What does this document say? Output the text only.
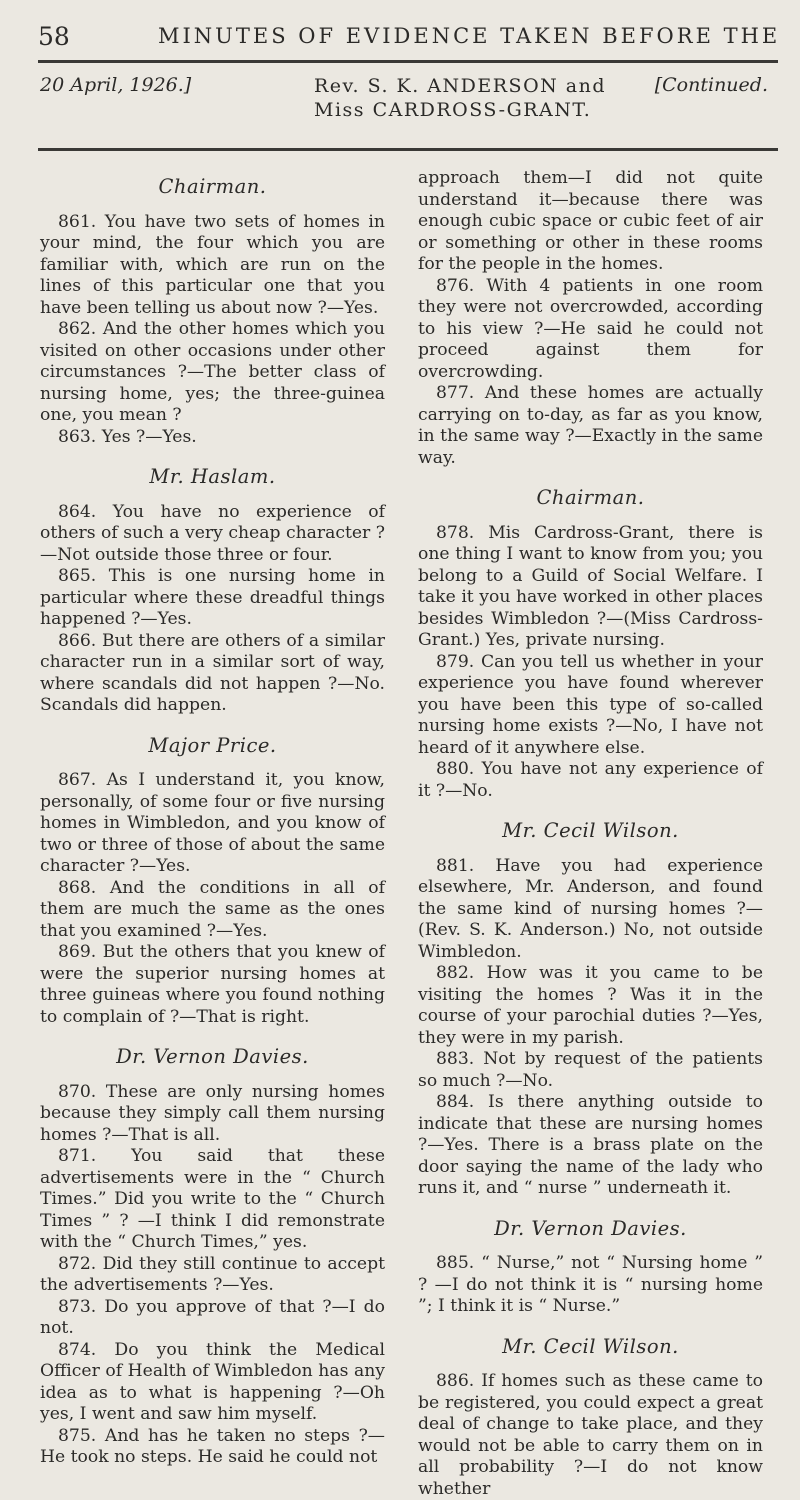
58	MINUTES OF EVIDENCE TAKEN BEFORE THE
20 April, 1926.]	Rev. S. K. ANDERSON and
Miss CARDROSS-GRANT.
[Continued.
Chairman.

861. You have two sets of homes in your mind, the four which you are familiar with, which are run on the lines of this particular one that you have been telling us about now ?—Yes.

862. And the other homes which you visited on other occasions under other circumstances ?—The better class of nursing home, yes; the three-guinea one, you mean ?

863. Yes ?—Yes.

Mr. Haslam.

864. You have no experience of others of such a very cheap character ?—Not outside those three or four.

865. This is one nursing home in particular where these dreadful things happened ?—Yes.

866. But there are others of a similar character run in a similar sort of way, where scandals did not happen ?—No. Scandals did happen.

Major Price.

867. As I understand it, you know, personally, of some four or five nursing homes in Wimbledon, and you know of two or three of those of about the same character ?—Yes.

868. And the conditions in all of them are much the same as the ones that you examined ?—Yes.

869. But the others that you knew of were the superior nursing homes at three guineas where you found nothing to complain of ?—That is right.

Dr. Vernon Davies.

870. These are only nursing homes because they simply call them nursing homes ?—That is all.

871. You said that these advertisements were in the “ Church Times.” Did you write to the “ Church Times ” ? —I think I did remonstrate with the “ Church Times,” yes.

872. Did they still continue to accept the advertisements ?—Yes.

873. Do you approve of that ?—I do not.

874. Do you think the Medical Officer of Health of Wimbledon has any idea as to what is happening ?—Oh yes, I went and saw him myself.

875. And has he taken no steps ?—He took no steps. He said he could not

approach them—I did not quite understand it—because there was enough cubic space or cubic feet of air or something or other in these rooms for the people in the homes.

876. With 4 patients in one room they were not overcrowded, according to his view ?—He said he could not proceed against them for overcrowding.

877. And these homes are actually carrying on to-day, as far as you know, in the same way ?—Exactly in the same way.

Chairman.

878. Mis Cardross-Grant, there is one thing I want to know from you; you belong to a Guild of Social Welfare. I take it you have worked in other places besides Wimbledon ?—(Miss Cardross-Grant.) Yes, private nursing.

879. Can you tell us whether in your experience you have found wherever you have been this type of so-called nursing home exists ?—No, I have not heard of it anywhere else.

880. You have not any experience of it ?—No.

Mr. Cecil Wilson.

881. Have you had experience elsewhere, Mr. Anderson, and found the same kind of nursing homes ?—(Rev. S. K. Anderson.) No, not outside Wimbledon.

882. How was it you came to be visiting the homes ? Was it in the course of your parochial duties ?—Yes, they were in my parish.

883. Not by request of the patients so much ?—No.

884. Is there anything outside to indicate that these are nursing homes ?—Yes. There is a brass plate on the door saying the name of the lady who runs it, and “ nurse ” underneath it.

Dr. Vernon Davies.

885. “ Nurse,” not “ Nursing home ” ? —I do not think it is “ nursing home ”; I think it is “ Nurse.”

Mr. Cecil Wilson.

886. If homes such as these came to be registered, you could expect a great deal of change to take place, and they would not be able to carry them on in all probability ?—I do not know whether
